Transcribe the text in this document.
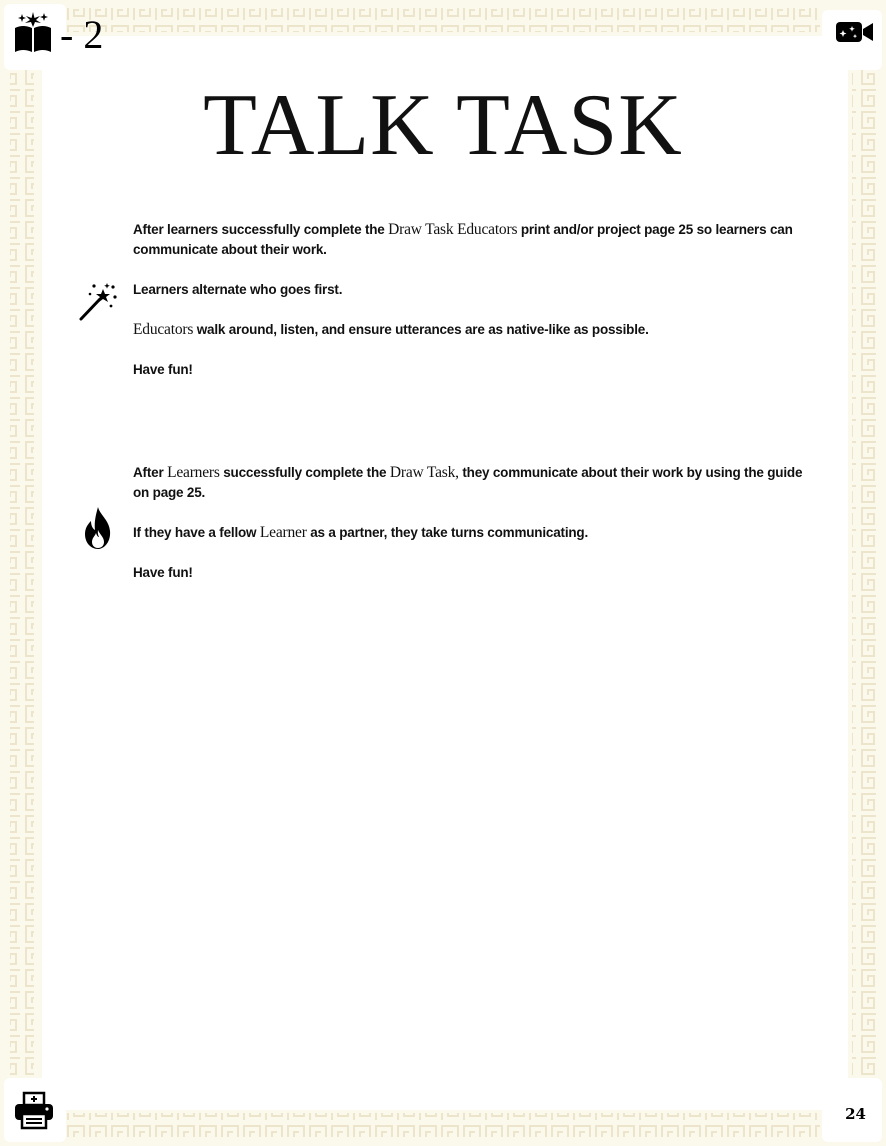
- 2
TALK TASK

After learners successfully complete the Draw Task Educators print and/or project page 25 so learners can communicate about their work.

Learners alternate who goes first.

Educators walk around, listen, and ensure utterances are as native-like as possible.

Have fun!

After Learners successfully complete the Draw Task, they communicate about their work by using the guide on page 25.

If they have a fellow Learner as a partner, they take turns communicating.

Have fun!

24
